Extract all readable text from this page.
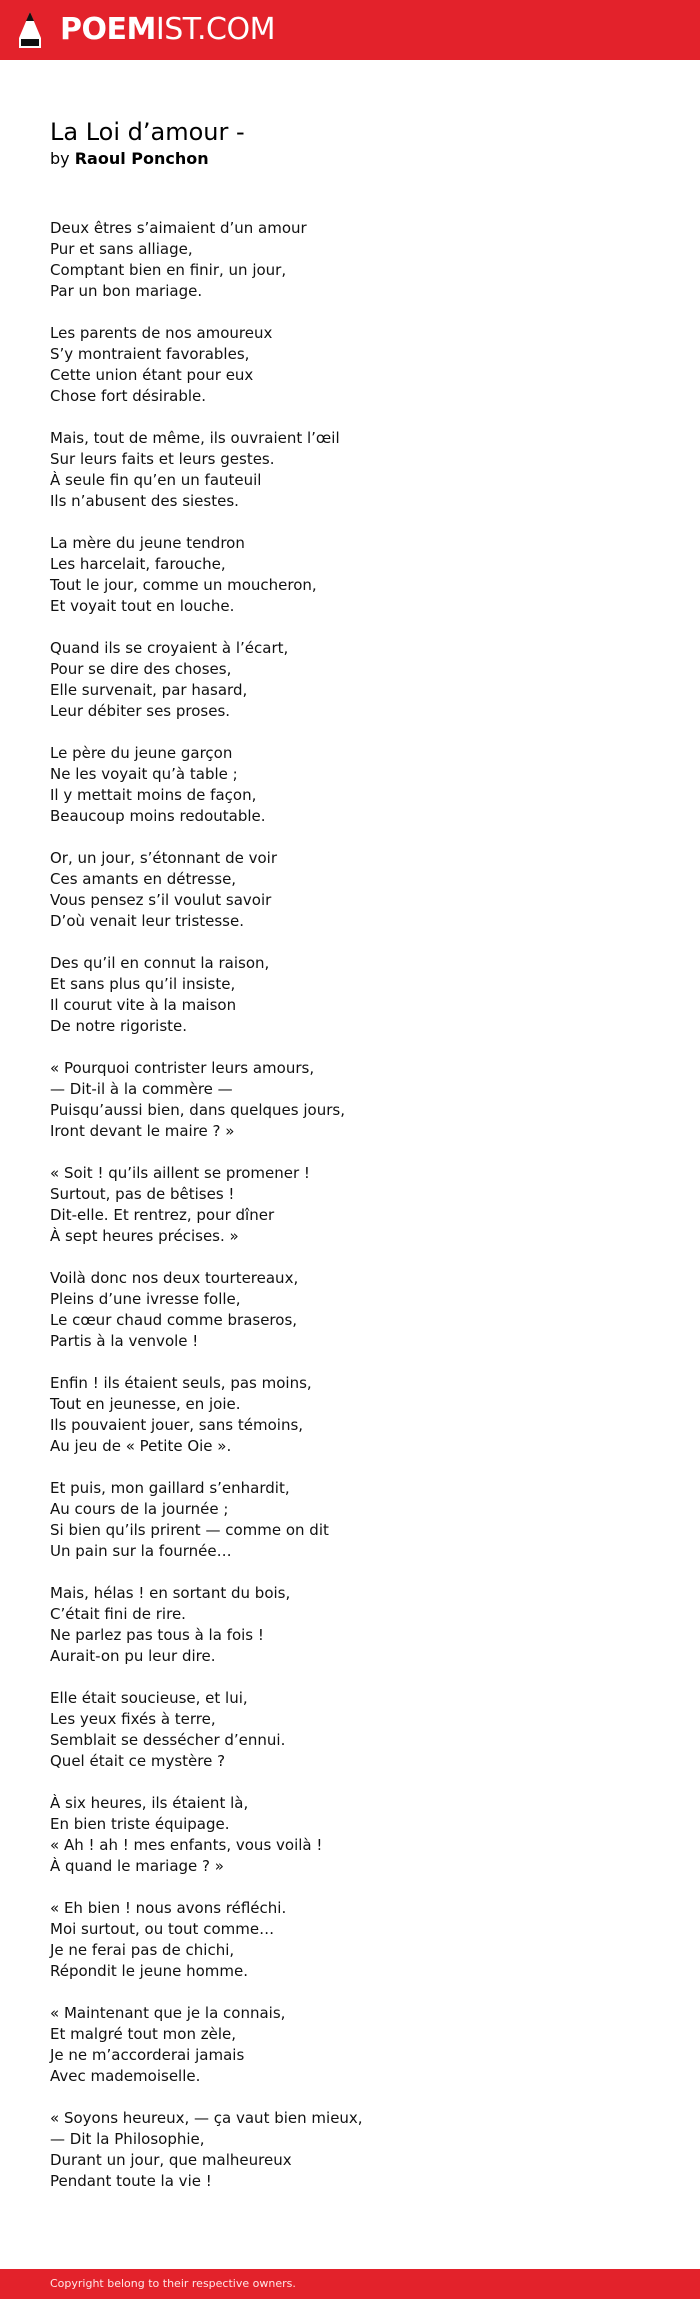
POEMIST.COM
La Loi d’amour -
by Raoul Ponchon

Deux êtres s’aimaient d’un amour
Pur et sans alliage,
Comptant bien en finir, un jour,
Par un bon mariage.

Les parents de nos amoureux
S’y montraient favorables,
Cette union étant pour eux
Chose fort désirable.

Mais, tout de même, ils ouvraient l’œil
Sur leurs faits et leurs gestes.
À seule fin qu’en un fauteuil
Ils n’abusent des siestes.

La mère du jeune tendron
Les harcelait, farouche,
Tout le jour, comme un moucheron,
Et voyait tout en louche.

Quand ils se croyaient à l’écart,
Pour se dire des choses,
Elle survenait, par hasard,
Leur débiter ses proses.

Le père du jeune garçon
Ne les voyait qu’à table ;
Il y mettait moins de façon,
Beaucoup moins redoutable.

Or, un jour, s’étonnant de voir
Ces amants en détresse,
Vous pensez s’il voulut savoir
D’où venait leur tristesse.

Des qu’il en connut la raison,
Et sans plus qu’il insiste,
Il courut vite à la maison
De notre rigoriste.

« Pourquoi contrister leurs amours,
— Dit-il à la commère —
Puisqu’aussi bien, dans quelques jours,
Iront devant le maire ? »

« Soit ! qu’ils aillent se promener !
Surtout, pas de bêtises !
Dit-elle. Et rentrez, pour dîner
À sept heures précises. »

Voilà donc nos deux tourtereaux,
Pleins d’une ivresse folle,
Le cœur chaud comme braseros,
Partis à la venvole !

Enfin ! ils étaient seuls, pas moins,
Tout en jeunesse, en joie.
Ils pouvaient jouer, sans témoins,
Au jeu de « Petite Oie ».

Et puis, mon gaillard s’enhardit,
Au cours de la journée ;
Si bien qu’ils prirent — comme on dit
Un pain sur la fournée…

Mais, hélas ! en sortant du bois,
C’était fini de rire.
Ne parlez pas tous à la fois !
Aurait-on pu leur dire.

Elle était soucieuse, et lui,
Les yeux fixés à terre,
Semblait se dessécher d’ennui.
Quel était ce mystère ?

À six heures, ils étaient là,
En bien triste équipage.
« Ah ! ah ! mes enfants, vous voilà !
À quand le mariage ? »

« Eh bien ! nous avons réfléchi.
Moi surtout, ou tout comme…
Je ne ferai pas de chichi,
Répondit le jeune homme.

« Maintenant que je la connais,
Et malgré tout mon zèle,
Je ne m’accorderai jamais
Avec mademoiselle.

« Soyons heureux, — ça vaut bien mieux,
— Dit la Philosophie,
Durant un jour, que malheureux
Pendant toute la vie !

Copyright belong to their respective owners.
